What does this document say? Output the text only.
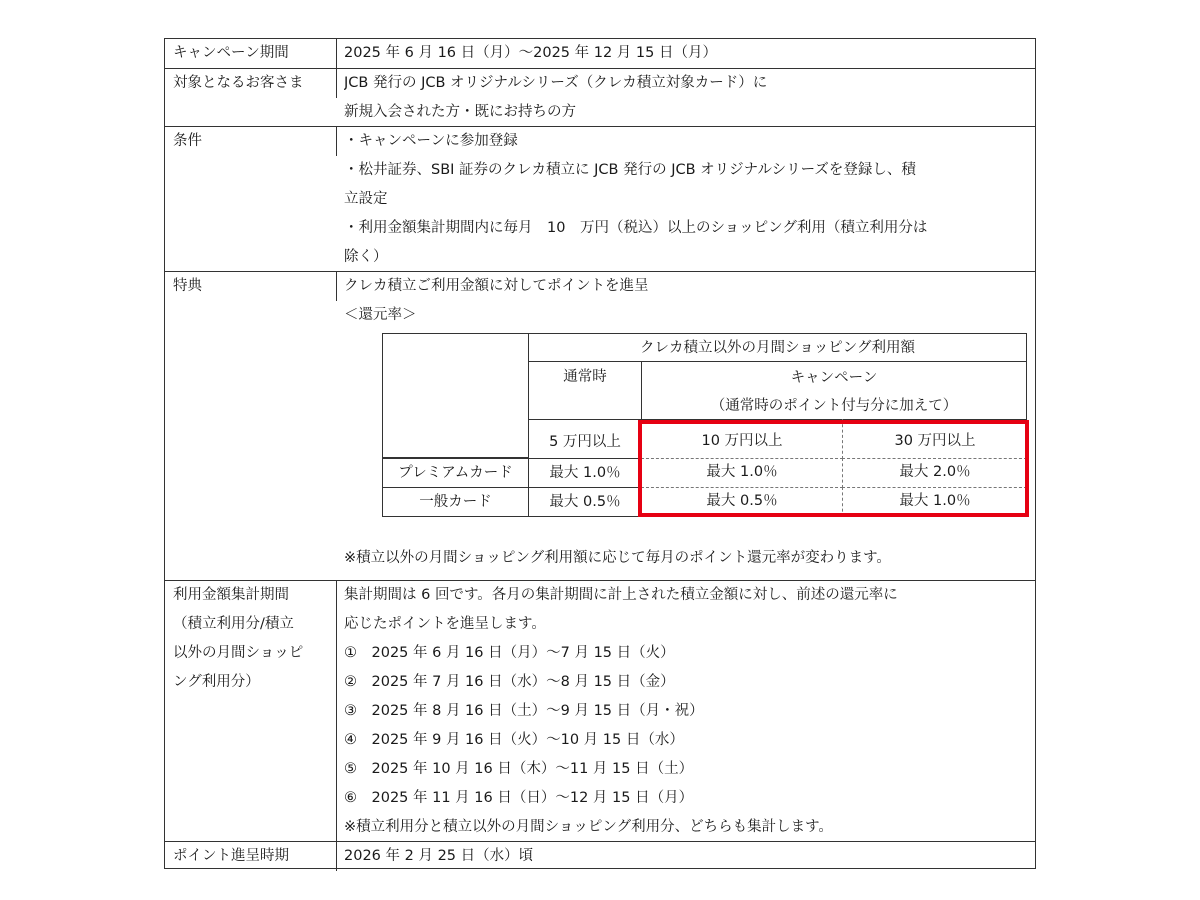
キャンペーン期間	2025 年 6 月 16 日（月）～2025 年 12 月 15 日（月）
対象となるお客さま	JCB 発行の JCB オリジナルシリーズ（クレカ積立対象カード）に
新規入会された方・既にお持ちの方
条件	・キャンペーンに参加登録
・松井証券、SBI 証券のクレカ積立に JCB 発行の JCB オリジナルシリーズを登録し、積
立設定
・利用金額集計期間内に毎月　10　万円（税込）以上のショッピング利用（積立利用分は
除く）
特典	クレカ積立ご利用金額に対してポイントを進呈
＜還元率＞
※積立以外の月間ショッピング利用額に応じて毎月のポイント還元率が変わります。
クレカ積立以外の月間ショッピング利用額
通常時	キャンペーン
（通常時のポイント付与分に加えて）
5 万円以上	10 万円以上	30 万円以上
プレミアムカード	最大 1.0％	最大 1.0％	最大 2.0％
一般カード	最大 0.5％	最大 0.5％	最大 1.0％
利用金額集計期間
（積立利用分/積立
以外の月間ショッピ
ング利用分）
集計期間は 6 回です。各月の集計期間に計上された積立金額に対し、前述の還元率に
応じたポイントを進呈します。
①　2025 年 6 月 16 日（月）～7 月 15 日（火）
②　2025 年 7 月 16 日（水）～8 月 15 日（金）
③　2025 年 8 月 16 日（土）～9 月 15 日（月・祝）
④　2025 年 9 月 16 日（火）～10 月 15 日（水）
⑤　2025 年 10 月 16 日（木）～11 月 15 日（土）
⑥　2025 年 11 月 16 日（日）～12 月 15 日（月）
※積立利用分と積立以外の月間ショッピング利用分、どちらも集計します。
ポイント進呈時期	2026 年 2 月 25 日（水）頃
